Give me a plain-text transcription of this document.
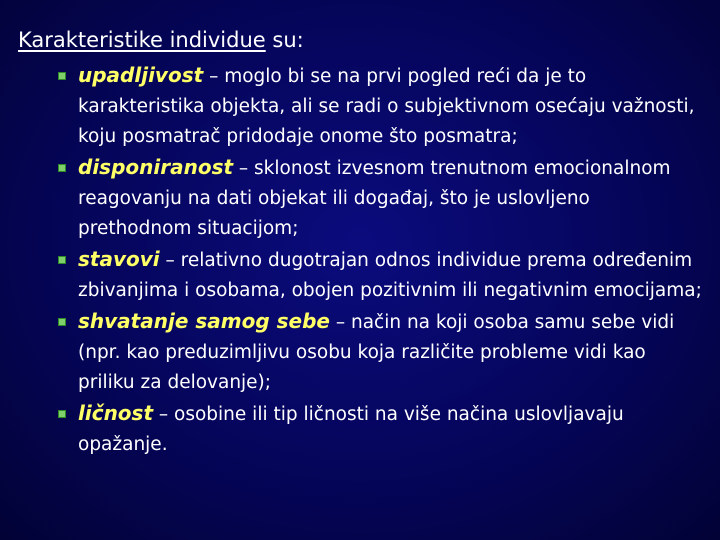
Karakteristike individue su:
upadljivost – moglo bi se na prvi pogled reći da je to karakteristika objekta, ali se radi o subjektivnom osećaju važnosti, koju posmatrač pridodaje onome što posmatra;
disponiranost – sklonost izvesnom trenutnom emocionalnom reagovanju na dati objekat ili događaj, što je uslovljeno prethodnom situacijom;
stavovi – relativno dugotrajan odnos individue prema određenim zbivanjima i osobama, obojen pozitivnim ili negativnim emocijama;
shvatanje samog sebe – način na koji osoba samu sebe vidi (npr. kao preduzimljivu osobu koja različite probleme vidi kao priliku za delovanje);
ličnost – osobine ili tip ličnosti na više načina uslovljavaju opažanje.
